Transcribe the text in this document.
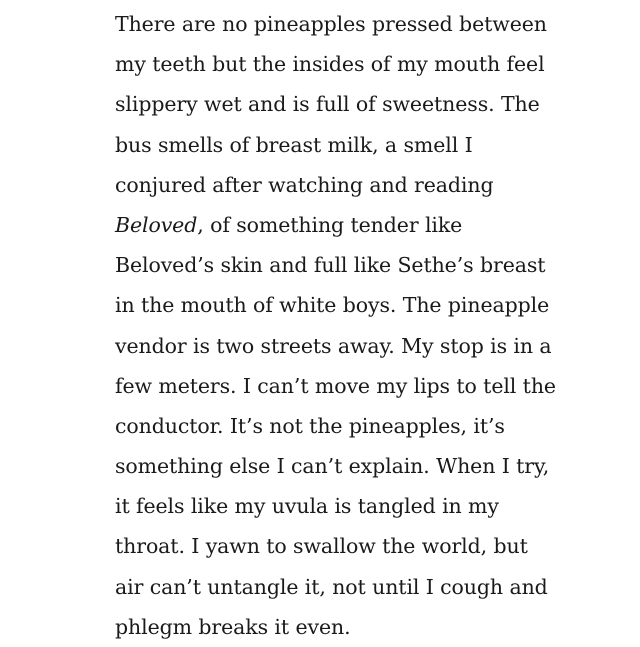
There are no pineapples pressed between
my teeth but the insides of my mouth feel
slippery wet and is full of sweetness. The
bus smells of breast milk, a smell I
conjured after watching and reading
Beloved, of something tender like
Beloved’s skin and full like Sethe’s breast
in the mouth of white boys. The pineapple
vendor is two streets away. My stop is in a
few meters. I can’t move my lips to tell the
conductor. It’s not the pineapples, it’s
something else I can’t explain. When I try,
it feels like my uvula is tangled in my
throat. I yawn to swallow the world, but
air can’t untangle it, not until I cough and
phlegm breaks it even.
